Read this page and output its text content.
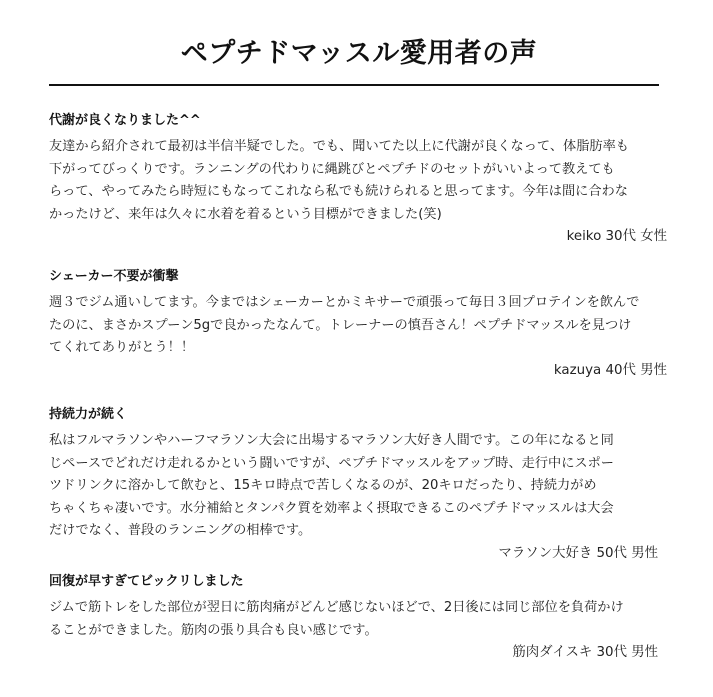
ペプチドマッスル愛用者の声
代謝が良くなりました^^

友達から紹介されて最初は半信半疑でした。でも、聞いてた以上に代謝が良くなって、体脂肪率も
下がってびっくりです。ランニングの代わりに縄跳びとペプチドのセットがいいよって教えても
らって、やってみたら時短にもなってこれなら私でも続けられると思ってます。今年は間に合わな
かったけど、来年は久々に水着を着るという目標ができました(笑)

keiko 30代 女性
シェーカー不要が衝撃

週３でジム通いしてます。今まではシェーカーとかミキサーで頑張って毎日３回プロテインを飲んで
たのに、まさかスプーン5gで良かったなんて。トレーナーの慎吾さん！ペプチドマッスルを見つけ
てくれてありがとう！！

kazuya 40代 男性
持続力が続く

私はフルマラソンやハーフマラソン大会に出場するマラソン大好き人間です。この年になると同
じペースでどれだけ走れるかという闘いですが、ペプチドマッスルをアップ時、走行中にスポー
ツドリンクに溶かして飲むと、15キロ時点で苦しくなるのが、20キロだったり、持続力がめ
ちゃくちゃ凄いです。水分補給とタンパク質を効率よく摂取できるこのペプチドマッスルは大会
だけでなく、普段のランニングの相棒です。

マラソン大好き 50代 男性
回復が早すぎてビックリしました

ジムで筋トレをした部位が翌日に筋肉痛がどんど感じないほどで、2日後には同じ部位を負荷かけ
ることができました。筋肉の張り具合も良い感じです。

筋肉ダイスキ 30代 男性
